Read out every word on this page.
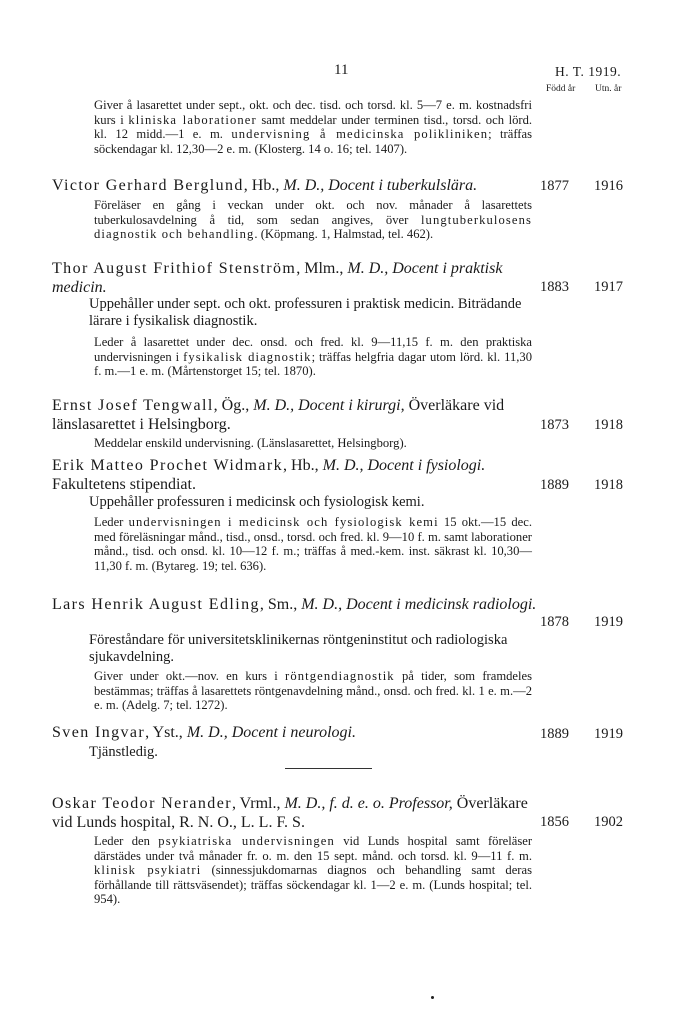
11	H. T. 1919.
Född år Utn. år
Giver å lasarettet under sept., okt. och dec. tisd. och torsd. kl. 5—7 e. m. kostnadsfri kurs i kliniska laborationer samt meddelar under terminen tisd., torsd. och lörd. kl. 12 midd.—1 e. m. undervisning å medicinska polikliniken; träffas söckendagar kl. 12,30—2 e. m. (Klosterg. 14 o. 16; tel. 1407).
Victor Gerhard Berglund, Hb., M. D., Docent i tuberkulslära.	1877 1916
Föreläser en gång i veckan under okt. och nov. månader å lasarettets tuberkulosavdelning å tid, som sedan angives, över lungtuberkulosens diagnostik och behandling. (Köpmang. 1, Halmstad, tel. 462).
Thor August Frithiof Stenström, Mlm., M. D., Docent i praktisk medicin.	1883 1917
Uppehåller under sept. och okt. professuren i praktisk medicin. Biträdande lärare i fysikalisk diagnostik.
Leder å lasarettet under dec. onsd. och fred. kl. 9—11,15 f. m. den praktiska undervisningen i fysikalisk diagnostik; träffas helgfria dagar utom lörd. kl. 11,30 f. m.—1 e. m. (Mårtenstorget 15; tel. 1870).
Ernst Josef Tengwall, Ög., M. D., Docent i kirurgi, Överläkare vid länslasarettet i Helsingborg.	1873 1918
Meddelar enskild undervisning. (Länslasarettet, Helsingborg).
Erik Matteo Prochet Widmark, Hb., M. D., Docent i fysiologi. Fakultetens stipendiat.	1889 1918
Uppehåller professuren i medicinsk och fysiologisk kemi.
Leder undervisningen i medicinsk och fysiologisk kemi 15 okt.—15 dec. med föreläsningar månd., tisd., onsd., torsd. och fred. kl. 9—10 f. m. samt laborationer månd., tisd. och onsd. kl. 10—12 f. m.; träffas å med.-kem. inst. säkrast kl. 10,30—11,30 f. m. (Bytareg. 19; tel. 636).
Lars Henrik August Edling, Sm., M. D., Docent i medicinsk radiologi.
1878 1919
Föreståndare för universitetsklinikernas röntgeninstitut och radiologiska sjukavdelning.
Giver under okt.—nov. en kurs i röntgendiagnostik på tider, som framdeles bestämmas; träffas å lasarettets röntgenavdelning månd., onsd. och fred. kl. 1 e. m.—2 e. m. (Adelg. 7; tel. 1272).
Sven Ingvar, Yst., M. D., Docent i neurologi.	1889 1919
Tjänstledig.
Oskar Teodor Nerander, Vrml., M. D., f. d. e. o. Professor, Överläkare vid Lunds hospital, R. N. O., L. L. F. S.	1856 1902
Leder den psykiatriska undervisningen vid Lunds hospital samt föreläser därstädes under två månader fr. o. m. den 15 sept. månd. och torsd. kl. 9—11 f. m. klinisk psykiatri (sinnessjukdomarnas diagnos och behandling samt deras förhållande till rättsväsendet); träffas söckendagar kl. 1—2 e. m. (Lunds hospital; tel. 954).
